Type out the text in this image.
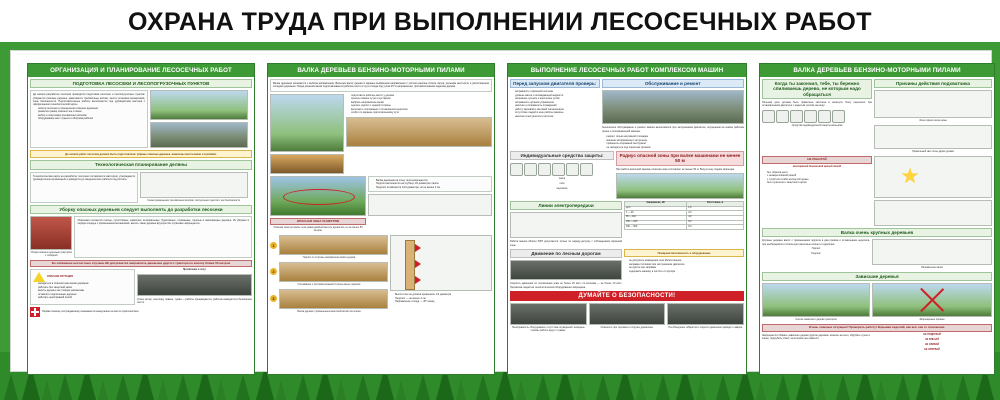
ОХРАНА ТРУДА ПРИ ВЫПОЛНЕНИИ ЛЕСОСЕЧНЫХ РАБОТ
ОРГАНИЗАЦИЯ И ПЛАНИРОВАНИЕ ЛЕСОСЕЧНЫХ РАБОТ
ПОДГОТОВКА ЛЕСОСЕКИ И ЛЕСОПОГРУЗОЧНЫХ ПУНКТОВ
До начала разработки лесосеки проводится подготовка лесосеки и лесопогрузочных пунктов: убираются опасные деревья, намечаются трелёвочные волоки, места установки механизмов, зоны безопасности. Подготовительные работы выполняются под руководством мастера с оформлением технологической карты.
• осмотр лесосеки и определение опасных деревьев
• разметка границ опасных зон и пасек
• выбор и подготовка трелёвочных волоков
• оборудование мест отдыха и обогрева рабочих
До начала работ лесосека должна быть подготовлена: убраны опасные деревья, намечены места валки и трелёвки.
Технологическая планирование деляны
Технологическая карта на разработку лесосеки составляется мастером, утверждается руководителем организации и доводится до сведения всех рабочих под роспись.
Схема размещения трелёвочных волоков, погрузочных пунктов и зон безопасности.
Уборку опасных деревьев следует выполнять до разработки лесосеки
Уборка опасных деревьев трактором с лебёдкой
Опасными считаются гнилые, сухостойные, зависшие, ветровальные, буреломные, сломанные, горелые и наклонённые деревья. Их убирают в первую очередь с применением механизмов, валить такие деревья вручную без страховки запрещается.
Во избежание несчастных случаев НЕ допускается направлять движение другого трактора по волоку ближе 50 метров
ОПАСНАЯ СИТУАЦИЯ
• находиться в опасной зоне валки деревьев
• работать без защитной каски
• валить деревья на стоящие механизмы
• оставлять подпиленные деревья
• работать неисправной пилой
Проявление в лесу:
Гроза, ветер, снегопад, ливень, туман — работы прекращаются, рабочие выводятся в безопасное место.
Первая помощь пострадавшему оказывается немедленно на месте происшествия.
ВАЛКА ДЕРЕВЬЕВ БЕНЗИНО-МОТОРНЫМИ ПИЛАМИ
Валка деревьев начинается с выбора направления. Вальщик валит дерево в заранее выбранном направлении с учётом наклона ствола, ветра, рельефа местности и расположения соседних деревьев. Перед началом валки подготавливается рабочее место и пути отхода под углом 45° в направлении, противоположном падению дерева.
• подготовить рабочее место у дерева
• срезать нижние сучья и кустарник
• выбрать направление валки
• сделать подпил с нужной стороны
• выполнить спиливание с оставлением недопила
• отойти по заранее подготовленному пути
ОПАСНАЯ ЗОНА 50 МЕТРОВ
Опасная зона при валке леса равна двойной высоте древостоя, но не менее 50 метров.
• Валка деревьев на стену леса запрещается.
• Подпил выполняется на глубину 1/4 диаметра ствола.
• Недопил оставляется 1/10 диаметра, но не менее 2 см.
1
Подпил со стороны направления валки дерева
2
Спиливание с противоположной стороны выше подпила
3
Валка дерева с применением валочной вилки или клина
• Высота пня не должна превышать 1/3 диаметра
• Недопил — не менее 2 см
• Направление отхода — 45° назад
ВЫПОЛНЕНИЕ ЛЕСОСЕЧНЫХ РАБОТ КОМПЛЕКСОМ МАШИН
Перед запуском двигателя проверь:
• исправность тормозной системы
• уровень масла и охлаждающей жидкости
• натяжение гусениц и крепление узлов
• исправность органов управления
• наличие и исправность ограждений
• работу звуковой и световой сигнализации
• отсутствие людей в зоне работы машины
• наличие огнетушителя и аптечки
Обслуживание и ремонт
Техническое обслуживание и ремонт машин выполняются при заглушённом двигателе, опущенном на землю рабочем органе и заторможенной машине.
• ремонт только на ровной площадке
• машина заторможена и заглушена
• применять исправный инструмент
• не находиться под поднятым органом
Индивидуальные средства защиты:
каска
очки
наушники
Радиус опасной зоны при валке машинами не менее 50 м
При работе валочной машины опасная зона составляет не менее 50 м. Вход в зону людям запрещён.
Линии электропередачи
Работа машин вблизи ЛЭП допускается только по наряду-допуску с соблюдением охранной зоны.
Напряжение, кВ	Расстояние, м
до 1	1,5
1 — 20	2,0
35 — 110	4,0
150 — 220	5,0
330 — 500	6,0
Движение по лесным дорогам
Скорость движения по лесовозным усам не более 20 км/ч, по волокам — не более 10 км/ч. Перевозка людей на технологическом оборудовании запрещена.
Пожарная безопасность и оборудование
• не допускать разведения огня вблизи машин
• заправка топливом при заглушённом двигателе
• не курить при заправке
• содержать машину в чистоте от мусора
ДУМАЙТЕ О БЕЗОПАСНОСТИ!
Неисправность оборудования, отсутствие ограждений, неверные приёмы работы ведут к травме.
Опасность при трелёвке и погрузке древесины.	Несоблюдение габаритов и скорости движения приводит к аварии.
ВАЛКА ДЕРЕВЬЕВ БЕНЗИНО-МОТОРНЫМИ ПИЛАМИ
Когда ты закончил, тебе, ты бережно спиливаешь дерево, не которым надо обращаться
Пильная цепь должна быть правильно заточена и натянута. Пилу переносят при остановленном двигателе с надетым чехлом на шину.
Средства индивидуальной защиты вальщика
Причины действия подхватчика
Зона отдачи носка шины
Правильный хват пилы двумя руками
НЕ РАБОТАЙ
неисправной бензиновой цепной пилой!
• без тормоза цепи
• с незакреплённой шиной
• с тупой или слабо натянутой цепью
• без глушителя и защитного щитка
Валка очень крупных деревьев
Крупные деревья валят с применением подпила в два приёма и оставлением недопила, при необходимости используют валочные клинья и гидроклин.
Подпил
Недопил
Направление валки
Зависшие деревья
Снятие зависшего дерева трактором	Запрещённые приёмы
Очень опасные ситуации! Проверять работу! Взрывая изделий, как всё, как то положение.
Запрещается сбивать зависшее дерево другим деревом, влезать на него, обрубать сучья и корни, подрубать ствол, на котором оно зависло.
НЕ ПОДРУБАЙ
НЕ ВЛЕЗАЙ
НЕ СБИВАЙ
НЕ ОБРУБАЙ
